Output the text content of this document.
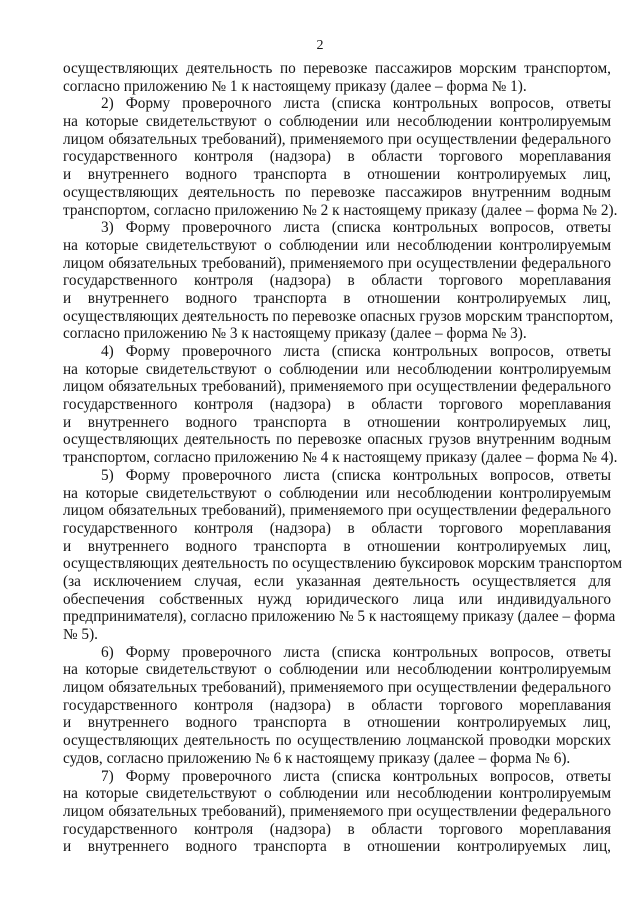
2
осуществляющих деятельность по перевозке пассажиров морским транспортом,
согласно приложению № 1 к настоящему приказу (далее – форма № 1).
2) Форму проверочного листа (списка контрольных вопросов, ответы
на которые свидетельствуют о соблюдении или несоблюдении контролируемым
лицом обязательных требований), применяемого при осуществлении федерального
государственного контроля (надзора) в области торгового мореплавания
и внутреннего водного транспорта в отношении контролируемых лиц,
осуществляющих деятельность по перевозке пассажиров внутренним водным
транспортом, согласно приложению № 2 к настоящему приказу (далее – форма № 2).
3) Форму проверочного листа (списка контрольных вопросов, ответы
на которые свидетельствуют о соблюдении или несоблюдении контролируемым
лицом обязательных требований), применяемого при осуществлении федерального
государственного контроля (надзора) в области торгового мореплавания
и внутреннего водного транспорта в отношении контролируемых лиц,
осуществляющих деятельность по перевозке опасных грузов морским транспортом,
согласно приложению № 3 к настоящему приказу (далее – форма № 3).
4) Форму проверочного листа (списка контрольных вопросов, ответы
на которые свидетельствуют о соблюдении или несоблюдении контролируемым
лицом обязательных требований), применяемого при осуществлении федерального
государственного контроля (надзора) в области торгового мореплавания
и внутреннего водного транспорта в отношении контролируемых лиц,
осуществляющих деятельность по перевозке опасных грузов внутренним водным
транспортом, согласно приложению № 4 к настоящему приказу (далее – форма № 4).
5) Форму проверочного листа (списка контрольных вопросов, ответы
на которые свидетельствуют о соблюдении или несоблюдении контролируемым
лицом обязательных требований), применяемого при осуществлении федерального
государственного контроля (надзора) в области торгового мореплавания
и внутреннего водного транспорта в отношении контролируемых лиц,
осуществляющих деятельность по осуществлению буксировок морским транспортом
(за исключением случая, если указанная деятельность осуществляется для
обеспечения собственных нужд юридического лица или индивидуального
предпринимателя), согласно приложению № 5 к настоящему приказу (далее – форма
№ 5).
6) Форму проверочного листа (списка контрольных вопросов, ответы
на которые свидетельствуют о соблюдении или несоблюдении контролируемым
лицом обязательных требований), применяемого при осуществлении федерального
государственного контроля (надзора) в области торгового мореплавания
и внутреннего водного транспорта в отношении контролируемых лиц,
осуществляющих деятельность по осуществлению лоцманской проводки морских
судов, согласно приложению № 6 к настоящему приказу (далее – форма № 6).
7) Форму проверочного листа (списка контрольных вопросов, ответы
на которые свидетельствуют о соблюдении или несоблюдении контролируемым
лицом обязательных требований), применяемого при осуществлении федерального
государственного контроля (надзора) в области торгового мореплавания
и внутреннего водного транспорта в отношении контролируемых лиц,
